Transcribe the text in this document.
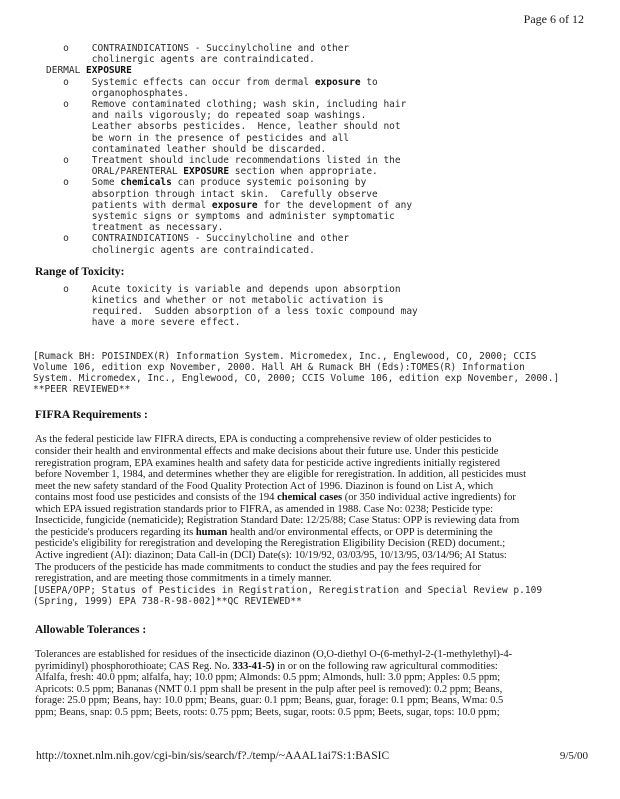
Page 6 of 12
o    CONTRAINDICATIONS - Succinylcholine and other
cholinergic agents are contraindicated.
DERMAL EXPOSURE
o    Systemic effects can occur from dermal exposure to
organophosphates.
o    Remove contaminated clothing; wash skin, including hair
and nails vigorously; do repeated soap washings.
Leather absorbs pesticides.  Hence, leather should not
be worn in the presence of pesticides and all
contaminated leather should be discarded.
o    Treatment should include recommendations listed in the
ORAL/PARENTERAL EXPOSURE section when appropriate.
o    Some chemicals can produce systemic poisoning by
absorption through intact skin.  Carefully observe
patients with dermal exposure for the development of any
systemic signs or symptoms and administer symptomatic
treatment as necessary.
o    CONTRAINDICATIONS - Succinylcholine and other
cholinergic agents are contraindicated.
Range of Toxicity:
o    Acute toxicity is variable and depends upon absorption
kinetics and whether or not metabolic activation is
required.  Sudden absorption of a less toxic compound may
have a more severe effect.
[Rumack BH: POISINDEX(R) Information System. Micromedex, Inc., Englewood, CO, 2000; CCIS
Volume 106, edition exp November, 2000. Hall AH & Rumack BH (Eds):TOMES(R) Information
System. Micromedex, Inc., Englewood, CO, 2000; CCIS Volume 106, edition exp November, 2000.]
**PEER REVIEWED**
FIFRA Requirements :
As the federal pesticide law FIFRA directs, EPA is conducting a comprehensive review of older pesticides to
consider their health and environmental effects and make decisions about their future use. Under this pesticide
reregistration program, EPA examines health and safety data for pesticide active ingredients initially registered
before November 1, 1984, and determines whether they are eligible for reregistration. In addition, all pesticides must
meet the new safety standard of the Food Quality Protection Act of 1996. Diazinon is found on List A, which
contains most food use pesticides and consists of the 194 chemical cases (or 350 individual active ingredients) for
which EPA issued registration standards prior to FIFRA, as amended in 1988. Case No: 0238; Pesticide type:
Insecticide, fungicide (nematicide); Registration Standard Date: 12/25/88; Case Status: OPP is reviewing data from
the pesticide's producers regarding its human health and/or environmental effects, or OPP is determining the
pesticide's eligibility for reregistration and developing the Reregistration Eligibility Decision (RED) document.;
Active ingredient (AI): diazinon; Data Call-in (DCI) Date(s): 10/19/92, 03/03/95, 10/13/95, 03/14/96; AI Status:
The producers of the pesticide has made commitments to conduct the studies and pay the fees required for
reregistration, and are meeting those commitments in a timely manner.
[USEPA/OPP; Status of Pesticides in Registration, Reregistration and Special Review p.109
(Spring, 1999) EPA 738-R-98-002]**QC REVIEWED**
Allowable Tolerances :
Tolerances are established for residues of the insecticide diazinon (O,O-diethyl O-(6-methyl-2-(1-methylethyl)-4-
pyrimidinyl) phosphorothioate; CAS Reg. No. 333-41-5) in or on the following raw agricultural commodities:
Alfalfa, fresh: 40.0 ppm; alfalfa, hay; 10.0 ppm; Almonds: 0.5 ppm; Almonds, hull: 3.0 ppm; Apples: 0.5 ppm;
Apricots: 0.5 ppm; Bananas (NMT 0.1 ppm shall be present in the pulp after peel is removed): 0.2 ppm; Beans,
forage: 25.0 ppm; Beans, hay: 10.0 ppm; Beans, guar: 0.1 ppm; Beans, guar, forage: 0.1 ppm; Beans, Wma: 0.5
ppm; Beans, snap: 0.5 ppm; Beets, roots: 0.75 ppm; Beets, sugar, roots: 0.5 ppm; Beets, sugar, tops: 10.0 ppm;
http://toxnet.nlm.nih.gov/cgi-bin/sis/search/f?./temp/~AAAL1ai7S:1:BASIC	9/5/00
